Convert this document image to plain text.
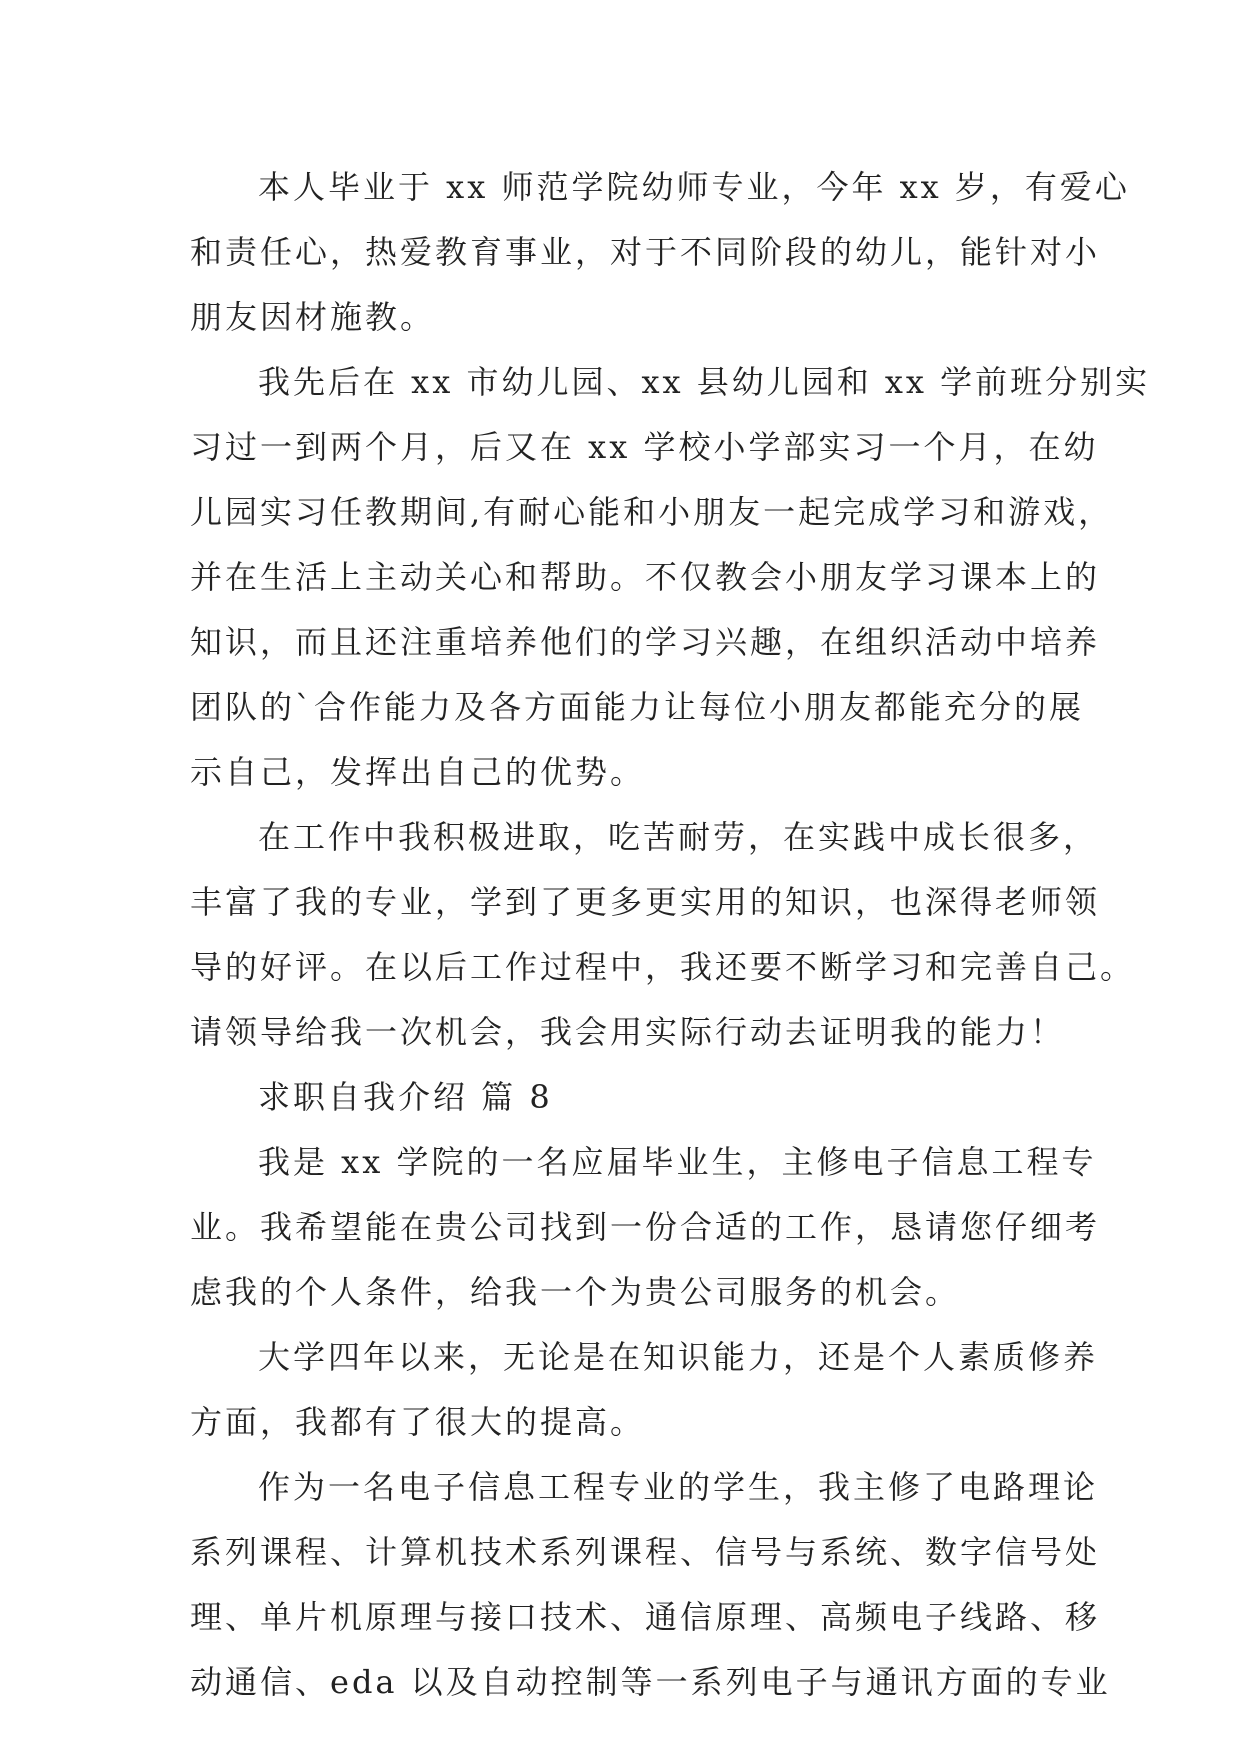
本人毕业于 xx 师范学院幼师专业，今年 xx 岁，有爱心
和责任心，热爱教育事业，对于不同阶段的幼儿，能针对小
朋友因材施教。
我先后在 xx 市幼儿园、xx 县幼儿园和 xx 学前班分别实
习过一到两个月，后又在 xx 学校小学部实习一个月，在幼
儿园实习任教期间,有耐心能和小朋友一起完成学习和游戏，
并在生活上主动关心和帮助。不仅教会小朋友学习课本上的
知识，而且还注重培养他们的学习兴趣，在组织活动中培养
团队的`合作能力及各方面能力让每位小朋友都能充分的展
示自己，发挥出自己的优势。
在工作中我积极进取，吃苦耐劳，在实践中成长很多，
丰富了我的专业，学到了更多更实用的知识，也深得老师领
导的好评。在以后工作过程中，我还要不断学习和完善自己。
请领导给我一次机会，我会用实际行动去证明我的能力！
求职自我介绍 篇 8
我是 xx 学院的一名应届毕业生，主修电子信息工程专
业。我希望能在贵公司找到一份合适的工作，恳请您仔细考
虑我的个人条件，给我一个为贵公司服务的机会。
大学四年以来，无论是在知识能力，还是个人素质修养
方面，我都有了很大的提高。
作为一名电子信息工程专业的学生，我主修了电路理论
系列课程、计算机技术系列课程、信号与系统、数字信号处
理、单片机原理与接口技术、通信原理、高频电子线路、移
动通信、eda 以及自动控制等一系列电子与通讯方面的专业
